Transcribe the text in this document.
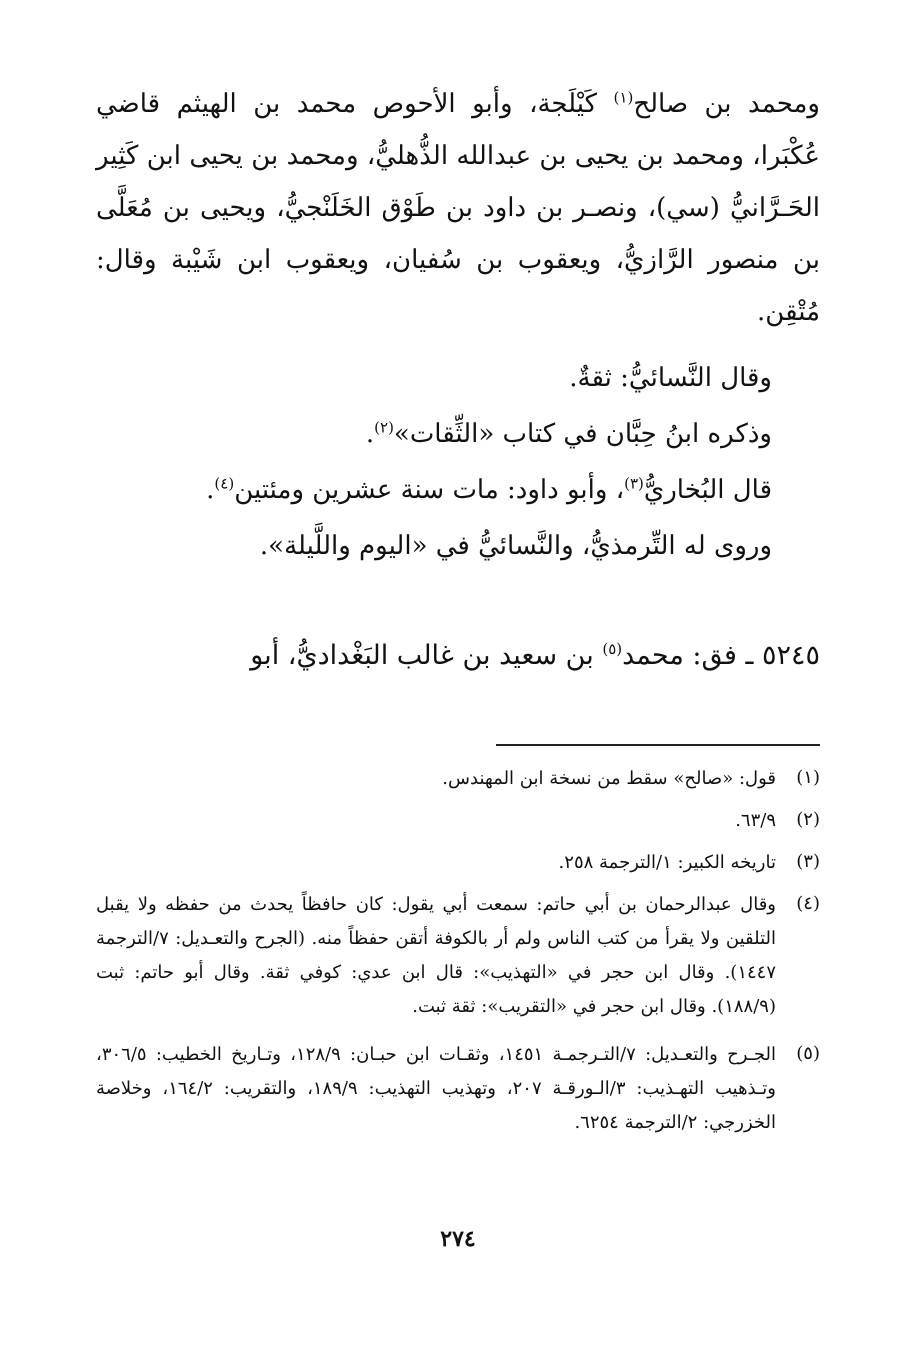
ومحمد بن صالح$^{(١)}$ كَيْلَجة، وأبو الأحوص محمد بن الهيثم قاضي عُكْبَرا، ومحمد بن يحيى بن عبدالله الذُّهليُّ، ومحمد بن يحيى ابن كَثِير الحَـرَّانيُّ (سي)، ونصـر بن داود بن طَوْق الخَلَنْجيُّ، ويحيى بن مُعَلَّى بن منصور الرَّازيُّ، ويعقوب بن سُفيان، ويعقوب ابن شَيْبة وقال: مُتْقِن.

وقال النَّسائيُّ: ثقةٌ.

وذكره ابنُ حِبَّان في كتاب «الثِّقات»$^{(٢)}$.

قال البُخاريُّ$^{(٣)}$، وأبو داود: مات سنة عشرين ومئتين$^{(٤)}$.

وروى له التِّرمذيُّ، والنَّسائيُّ في «اليوم واللَّيلة».

٥٢٤٥ ـ فق: محمد$^{(٥)}$ بن سعيد بن غالب البَغْداديُّ، أبو

(١)

قول: «صالح» سقط من نسخة ابن المهندس.

(٢)

٦٣/٩.

(٣)

تاريخه الكبير: ١/الترجمة ٢٥٨.

(٤)

وقال عبدالرحمان بن أبي حاتم: سمعت أبي يقول: كان حافظاً يحدث من حفظه ولا يقبل التلقين ولا يقرأ من كتب الناس ولم أر بالكوفة أتقن حفظاً منه. (الجرح والتعـديل: ٧/الترجمة ١٤٤٧). وقال ابن حجر في «التهذيب»: قال ابن عدي: كوفي ثقة. وقال أبو حاتم: ثبت (١٨٨/٩). وقال ابن حجر في «التقريب»: ثقة ثبت.

(٥)

الجـرح والتعـديل: ٧/التـرجمـة ١٤٥١، وثقـات ابن حبـان: ١٢٨/٩، وتـاريخ الخطيب: ٣٠٦/٥، وتـذهيب التهـذيب: ٣/الـورقـة ٢٠٧، وتهذيب التهذيب: ١٨٩/٩، والتقريب: ١٦٤/٢، وخلاصة الخزرجي: ٢/الترجمة ٦٢٥٤.

٢٧٤
